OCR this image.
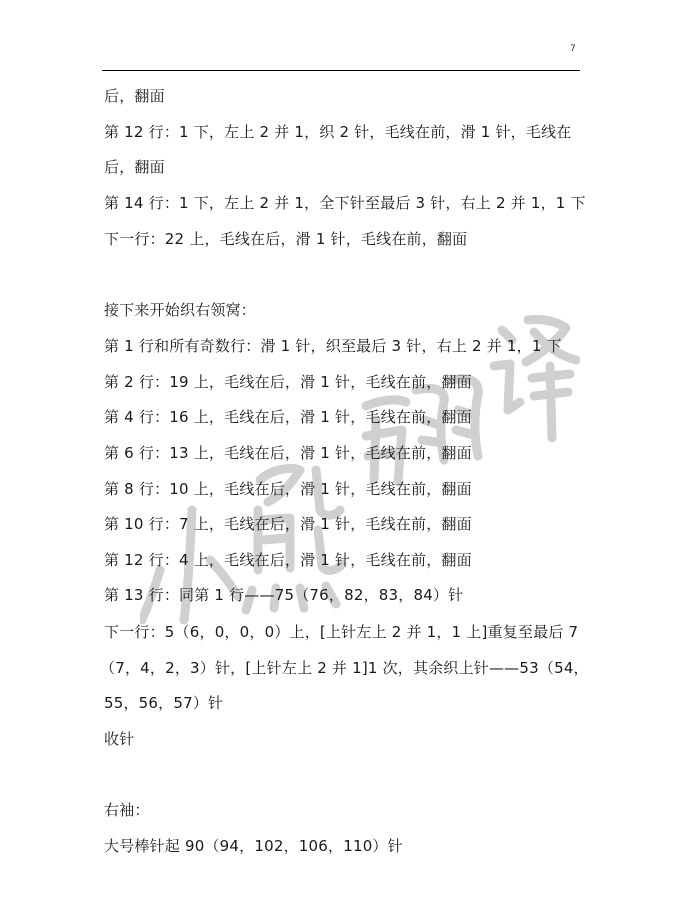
7
后，翻面
第 12 行：1 下，左上 2 并 1，织 2 针，毛线在前，滑 1 针，毛线在
后，翻面
第 14 行：1 下，左上 2 并 1，全下针至最后 3 针，右上 2 并 1，1 下
下一行：22 上，毛线在后，滑 1 针，毛线在前，翻面
接下来开始织右领窝：
第 1 行和所有奇数行：滑 1 针，织至最后 3 针，右上 2 并 1，1 下
第 2 行：19 上，毛线在后，滑 1 针，毛线在前，翻面
第 4 行：16 上，毛线在后，滑 1 针，毛线在前，翻面
第 6 行：13 上，毛线在后，滑 1 针，毛线在前，翻面
第 8 行：10 上，毛线在后，滑 1 针，毛线在前，翻面
第 10 行：7 上，毛线在后，滑 1 针，毛线在前，翻面
第 12 行：4 上，毛线在后，滑 1 针，毛线在前，翻面
第 13 行：同第 1 行——75（76，82，83，84）针
下一行：5（6，0，0，0）上，[上针左上 2 并 1，1 上]重复至最后 7
（7，4，2，3）针，[上针左上 2 并 1]1 次，其余织上针——53（54，
55，56，57）针
收针
右袖：
大号棒针起 90（94，102，106，110）针
